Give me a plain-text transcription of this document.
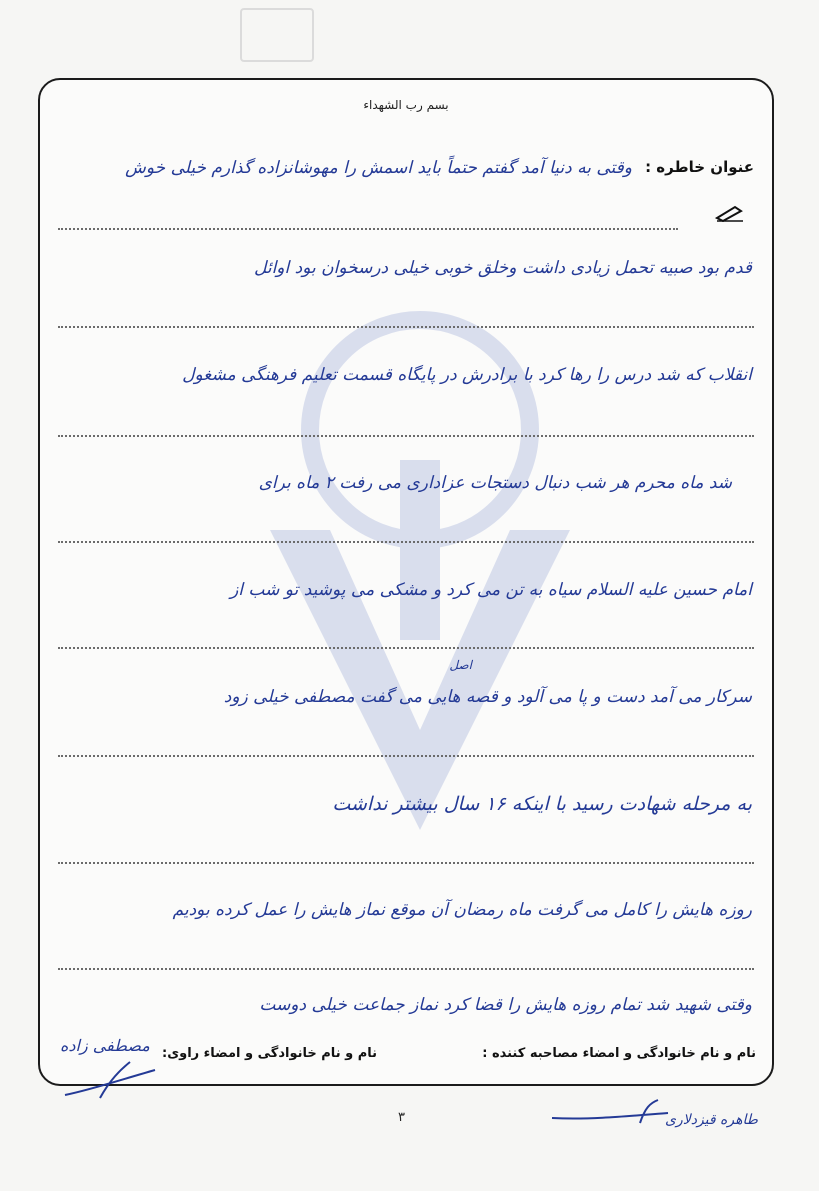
بسم رب الشهداء
عنوان خاطره :
وقتی به دنیا آمد گفتم حتماً باید اسمش را مهوشانزاده گذارم خیلی خوش
قدم بود صبیه تحمل زیادی داشت وخلق خوبی خیلی درسخوان بود اوائل
انقلاب که شد درس را رها کرد با برادرش در پایگاه قسمت تعلیم فرهنگی مشغول
شد ماه محرم هر شب دنبال دستجات عزاداری می رفت ۲ ماه برای
امام حسین علیه السلام سیاه به تن می کرد و مشکی می پوشید تو شب از
اصل
سرکار می آمد دست و پا می آلود و قصه هایی می گفت مصطفی خیلی زود
به مرحله شهادت رسید با اینکه ۱۶ سال بیشتر نداشت
روزه هایش را کامل می گرفت ماه رمضان آن موقع نماز هایش را عمل کرده بودیم
وقتی شهید شد تمام روزه هایش را قضا کرد نماز جماعت خیلی دوست
نام و نام خانوادگی و امضاء مصاحبه کننده :
نام و نام خانوادگی و امضاء راوی:
مصطفی زاده
۳	طاهره قیزدلاری
